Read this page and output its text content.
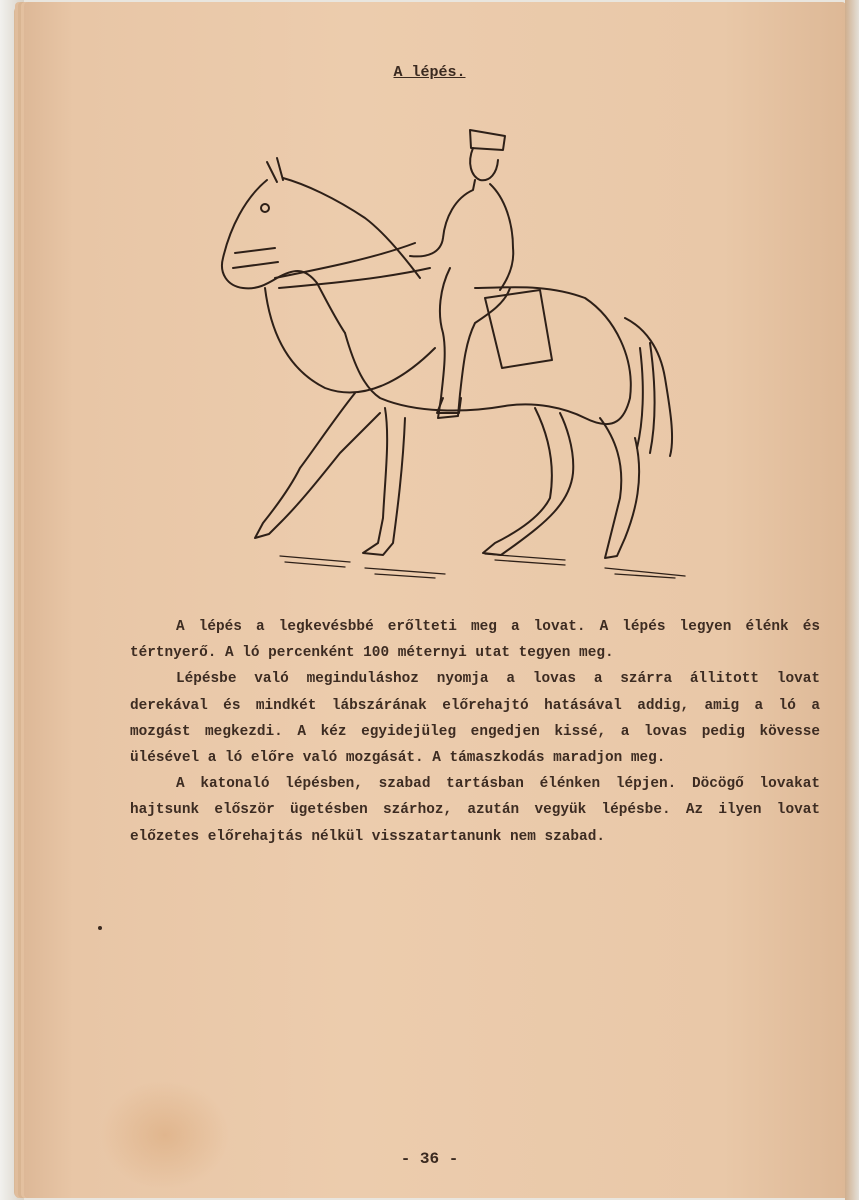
A lépés.

A lépés a legkevésbbé erőlteti meg a lovat. A lépés legyen élénk és tértnyerő. A ló percenként 100 méternyi utat tegyen meg.

Lépésbe való meginduláshoz nyomja a lovas a szárra állitott lovat derekával és mindkét lábszárának előrehajtó hatásával addig, amig a ló a mozgást megkezdi. A kéz egyidejüleg engedjen kissé, a lovas pedig kövesse ülésével a ló előre való mozgását. A támaszkodás maradjon meg.

A katonaló lépésben, szabad tartásban élénken lépjen. Döcögő lovakat hajtsunk először ügetésben szárhoz, azután vegyük lépésbe. Az ilyen lovat előzetes előrehajtás nélkül visszatartanunk nem szabad.

- 36 -
